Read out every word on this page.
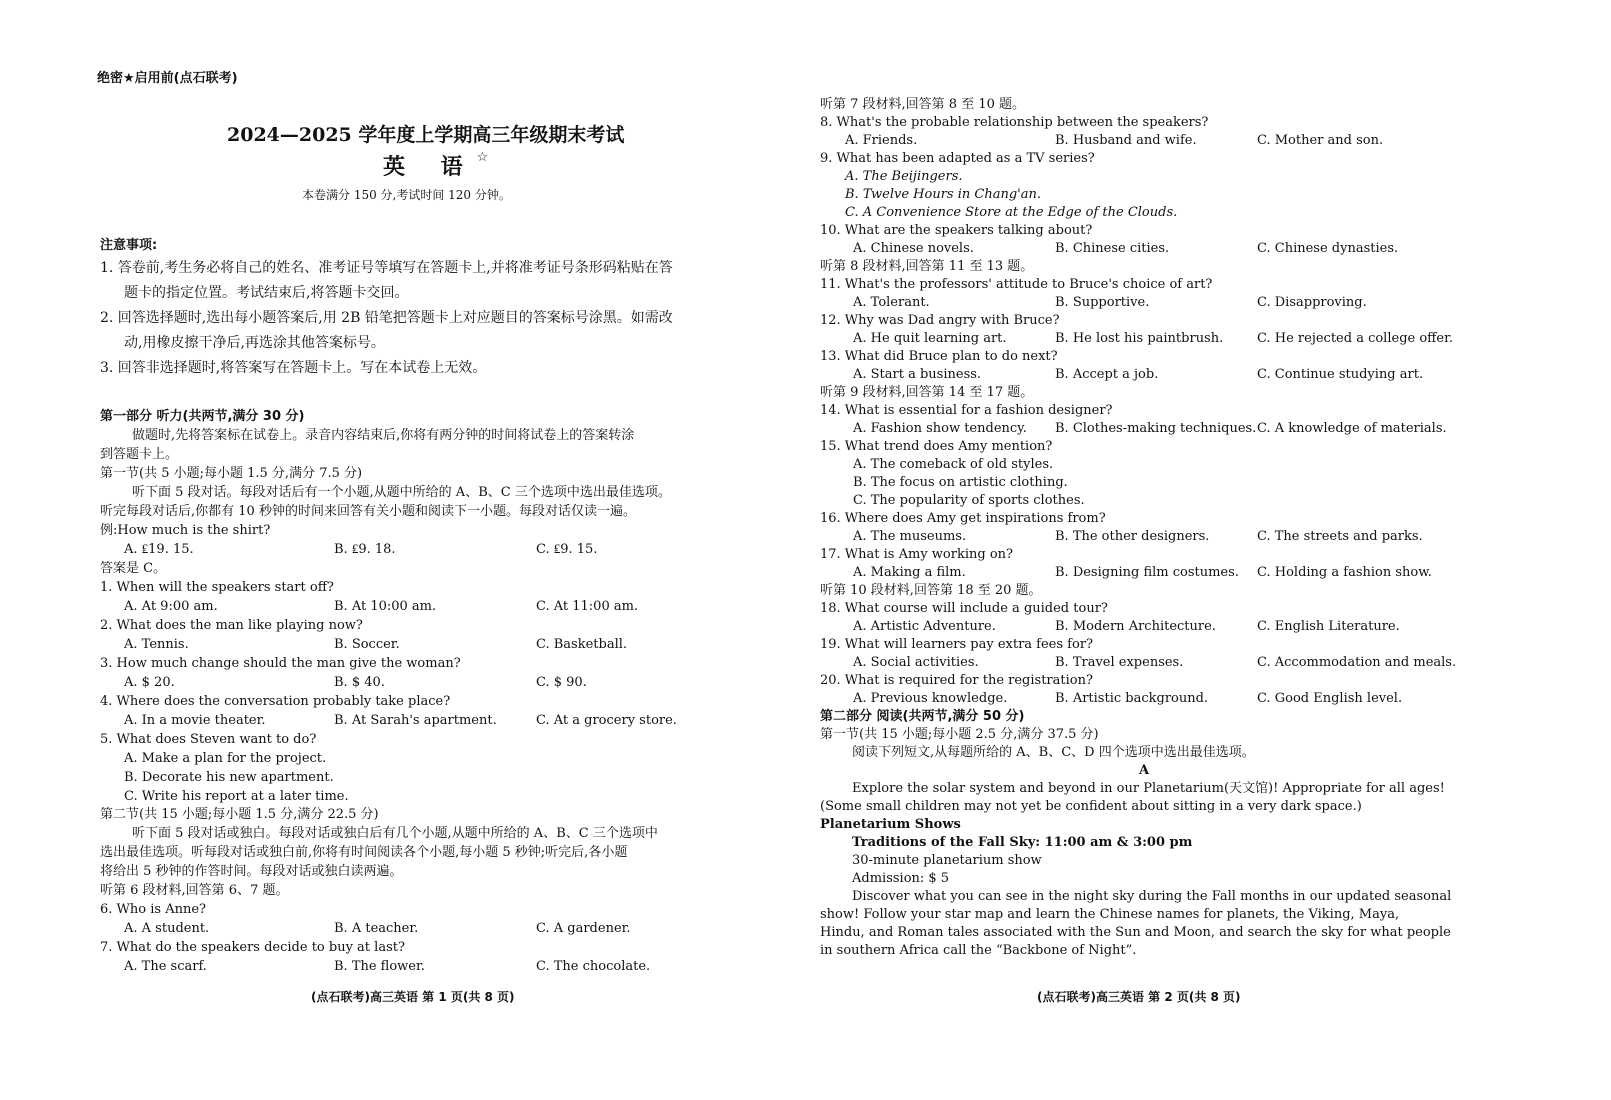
绝密★启用前(点石联考)
2024—2025 学年度上学期高三年级期末考试
英 语☆
本卷满分 150 分,考试时间 120 分钟。
注意事项:
1. 答卷前,考生务必将自己的姓名、准考证号等填写在答题卡上,并将准考证号条形码粘贴在答
题卡的指定位置。考试结束后,将答题卡交回。
2. 回答选择题时,选出每小题答案后,用 2B 铅笔把答题卡上对应题目的答案标号涂黑。如需改
动,用橡皮擦干净后,再选涂其他答案标号。
3. 回答非选择题时,将答案写在答题卡上。写在本试卷上无效。
第一部分 听力(共两节,满分 30 分)
做题时,先将答案标在试卷上。录音内容结束后,你将有两分钟的时间将试卷上的答案转涂
到答题卡上。
第一节(共 5 小题;每小题 1.5 分,满分 7.5 分)
听下面 5 段对话。每段对话后有一个小题,从题中所给的 A、B、C 三个选项中选出最佳选项。
听完每段对话后,你都有 10 秒钟的时间来回答有关小题和阅读下一小题。每段对话仅读一遍。
例:How much is the shirt?
A. ₤19. 15.	B. ₤9. 18.	C. ₤9. 15.
答案是 C。
1. When will the speakers start off?
A. At 9:00 am.	B. At 10:00 am.	C. At 11:00 am.
2. What does the man like playing now?
A. Tennis.	B. Soccer.	C. Basketball.
3. How much change should the man give the woman?
A. $ 20.	B. $ 40.	C. $ 90.
4. Where does the conversation probably take place?
A. In a movie theater.	B. At Sarah's apartment.	C. At a grocery store.
5. What does Steven want to do?
A. Make a plan for the project.
B. Decorate his new apartment.
C. Write his report at a later time.
第二节(共 15 小题;每小题 1.5 分,满分 22.5 分)
听下面 5 段对话或独白。每段对话或独白后有几个小题,从题中所给的 A、B、C 三个选项中
选出最佳选项。听每段对话或独白前,你将有时间阅读各个小题,每小题 5 秒钟;听完后,各小题
将给出 5 秒钟的作答时间。每段对话或独白读两遍。
听第 6 段材料,回答第 6、7 题。
6. Who is Anne?
A. A student.	B. A teacher.	C. A gardener.
7. What do the speakers decide to buy at last?
A. The scarf.	B. The flower.	C. The chocolate.
(点石联考)高三英语 第 1 页(共 8 页)
听第 7 段材料,回答第 8 至 10 题。
8. What's the probable relationship between the speakers?
A. Friends.	B. Husband and wife.	C. Mother and son.
9. What has been adapted as a TV series?
A. The Beijingers.
B. Twelve Hours in Chang'an.
C. A Convenience Store at the Edge of the Clouds.
10. What are the speakers talking about?
A. Chinese novels.	B. Chinese cities.	C. Chinese dynasties.
听第 8 段材料,回答第 11 至 13 题。
11. What's the professors' attitude to Bruce's choice of art?
A. Tolerant.	B. Supportive.	C. Disapproving.
12. Why was Dad angry with Bruce?
A. He quit learning art.	B. He lost his paintbrush.	C. He rejected a college offer.
13. What did Bruce plan to do next?
A. Start a business.	B. Accept a job.	C. Continue studying art.
听第 9 段材料,回答第 14 至 17 题。
14. What is essential for a fashion designer?
A. Fashion show tendency. B. Clothes-making techniques. C. A knowledge of materials.
15. What trend does Amy mention?
A. The comeback of old styles.
B. The focus on artistic clothing.
C. The popularity of sports clothes.
16. Where does Amy get inspirations from?
A. The museums.	B. The other designers.	C. The streets and parks.
17. What is Amy working on?
A. Making a film.	B. Designing film costumes. C. Holding a fashion show.
听第 10 段材料,回答第 18 至 20 题。
18. What course will include a guided tour?
A. Artistic Adventure.	B. Modern Architecture.	C. English Literature.
19. What will learners pay extra fees for?
A. Social activities.	B. Travel expenses.	C. Accommodation and meals.
20. What is required for the registration?
A. Previous knowledge.	B. Artistic background.	C. Good English level.
第二部分 阅读(共两节,满分 50 分)
第一节(共 15 小题;每小题 2.5 分,满分 37.5 分)
阅读下列短文,从每题所给的 A、B、C、D 四个选项中选出最佳选项。
A
Explore the solar system and beyond in our Planetarium(天文馆)! Appropriate for all ages!
(Some small children may not yet be confident about sitting in a very dark space.)
Planetarium Shows
Traditions of the Fall Sky: 11:00 am & 3:00 pm
30-minute planetarium show
Admission: $ 5
Discover what you can see in the night sky during the Fall months in our updated seasonal
show! Follow your star map and learn the Chinese names for planets, the Viking, Maya,
Hindu, and Roman tales associated with the Sun and Moon, and search the sky for what people
in southern Africa call the “Backbone of Night”.
(点石联考)高三英语 第 2 页(共 8 页)
